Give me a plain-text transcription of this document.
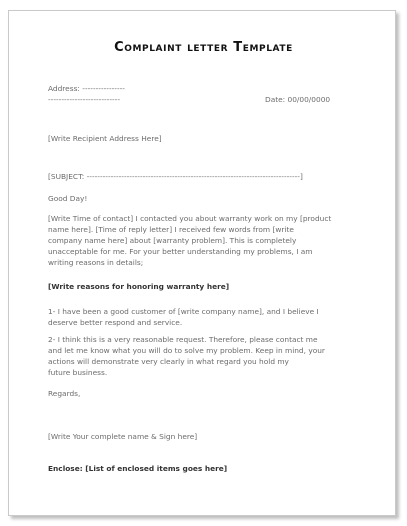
Complaint letter Template
Address: ----------------
---------------------------	Date: 00/00/0000
[Write Recipient Address Here]
[SUBJECT: --------------------------------------------------------------------------------]
Good Day!
[Write Time of contact] I contacted you about warranty work on my [product
name here]. [Time of reply letter] I received few words from [write
company name here] about [warranty problem]. This is completely
unacceptable for me. For your better understanding my problems, I am
writing reasons in details;
[Write reasons for honoring warranty here]
1- I have been a good customer of [write company name], and I believe I
deserve better respond and service.
2- I think this is a very reasonable request. Therefore, please contact me
and let me know what you will do to solve my problem. Keep in mind, your
actions will demonstrate very clearly in what regard you hold my
future business.
Regards,
[Write Your complete name & Sign here]
Enclose: [List of enclosed items goes here]
